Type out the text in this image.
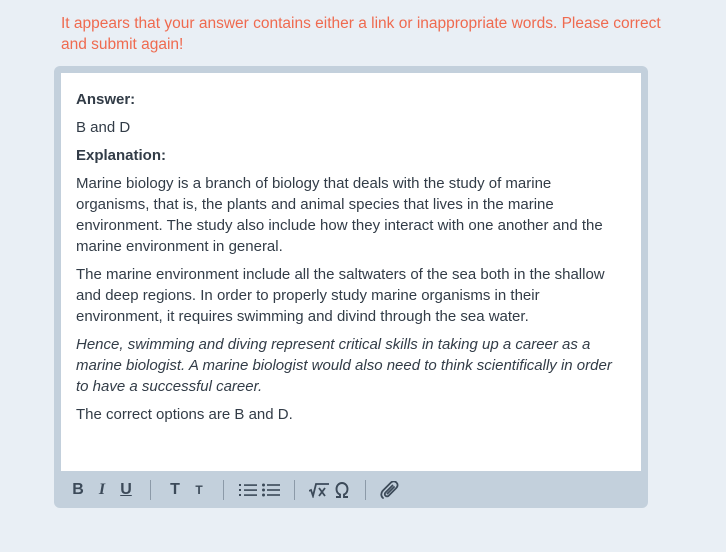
It appears that your answer contains either a link or inappropriate words. Please correct and submit again!

Answer:

B and D

Explanation:

Marine biology is a branch of biology that deals with the study of marine organisms, that is, the plants and animal species that lives in the marine environment. The study also include how they interact with one another and the marine environment in general.

The marine environment include all the saltwaters of the sea both in the shallow and deep regions. In order to properly study marine organisms in their environment, it requires swimming and divind through the sea water.

Hence, swimming and diving represent critical skills in taking up a career as a marine biologist. A marine biologist would also need to think scientifically in order to have a successful career.

The correct options are B and D.

B I U	T	T
